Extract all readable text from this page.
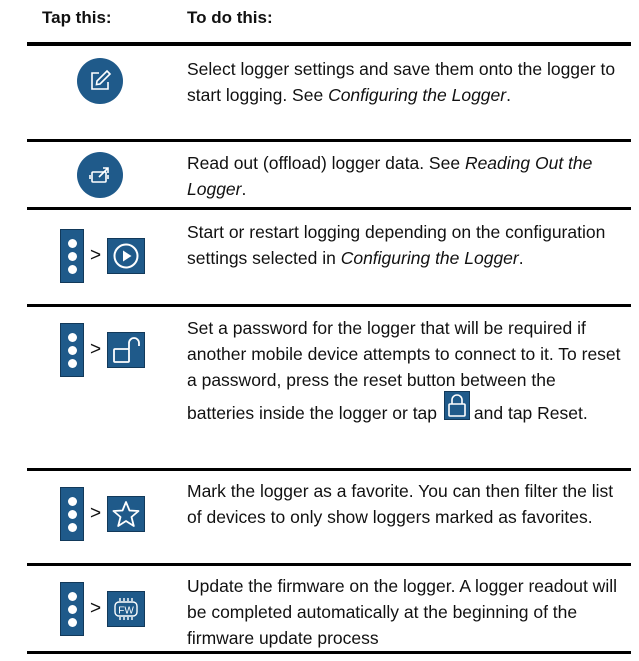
Tap this:	To do this:
Select logger settings and save them onto the logger to start logging. See Configuring the Logger.
Read out (offload) logger data. See Reading Out the Logger.
>
Start or restart logging depending on the configuration settings selected in Configuring the Logger.
>
Set a password for the logger that will be required if another mobile device attempts to connect to it. To reset a password, press the reset button between the batteries inside the logger or tap and tap Reset.
>
Mark the logger as a favorite. You can then filter the list of devices to only show loggers marked as favorites.
> FW
Update the firmware on the logger. A logger readout will be completed automatically at the beginning of the firmware update process
